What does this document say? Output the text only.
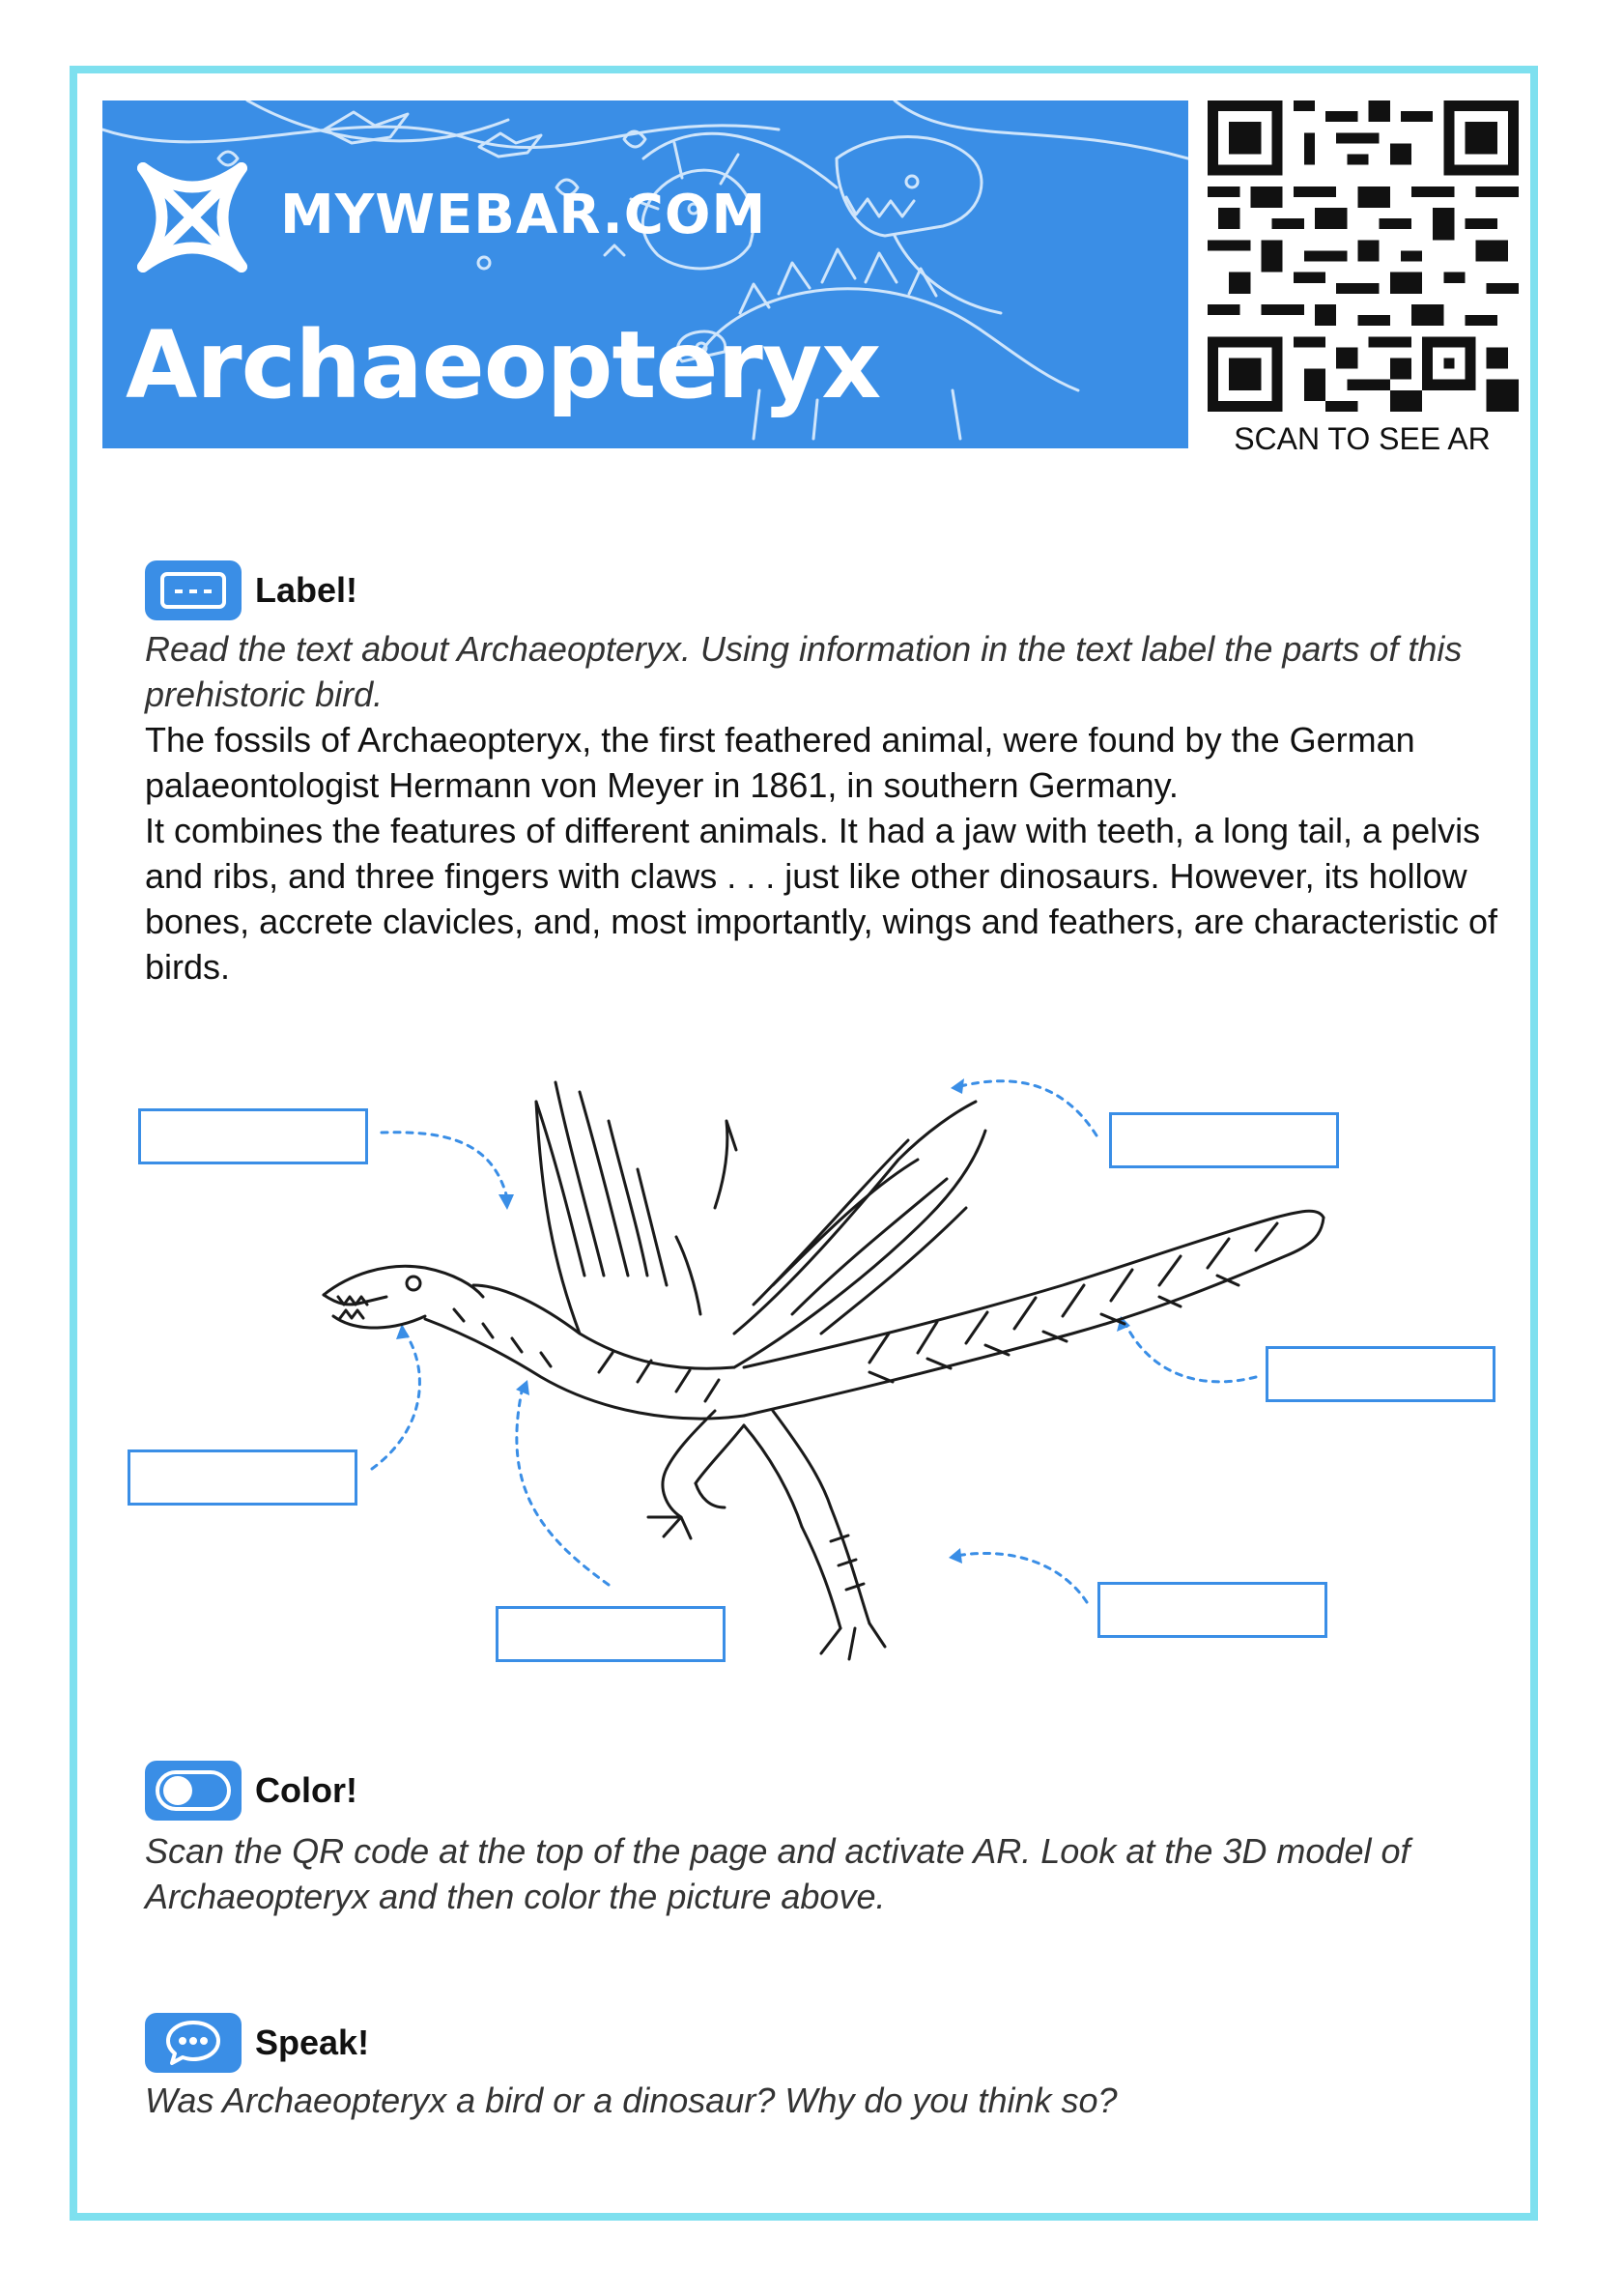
MYWEBAR.COM
Archaeopteryx
SCAN TO SEE AR
Label!
Read the text about Archaeopteryx. Using information in the text label the parts of this prehistoric bird.

The fossils of Archaeopteryx, the first feathered animal, were found by the German palaeontologist Hermann von Meyer in 1861, in southern Germany.

It combines the features of different animals. It had a jaw with teeth, a long tail, a pelvis and ribs, and three fingers with claws . . . just like other dinosaurs. However, its hollow bones, accrete clavicles, and, most importantly, wings and feathers, are characteristic of birds.

Color!
Scan the QR code at the top of the page and activate AR. Look at the 3D model of Archaeopteryx and then color the picture above.
Speak!
Was Archaeopteryx a bird or a dinosaur? Why do you think so?
